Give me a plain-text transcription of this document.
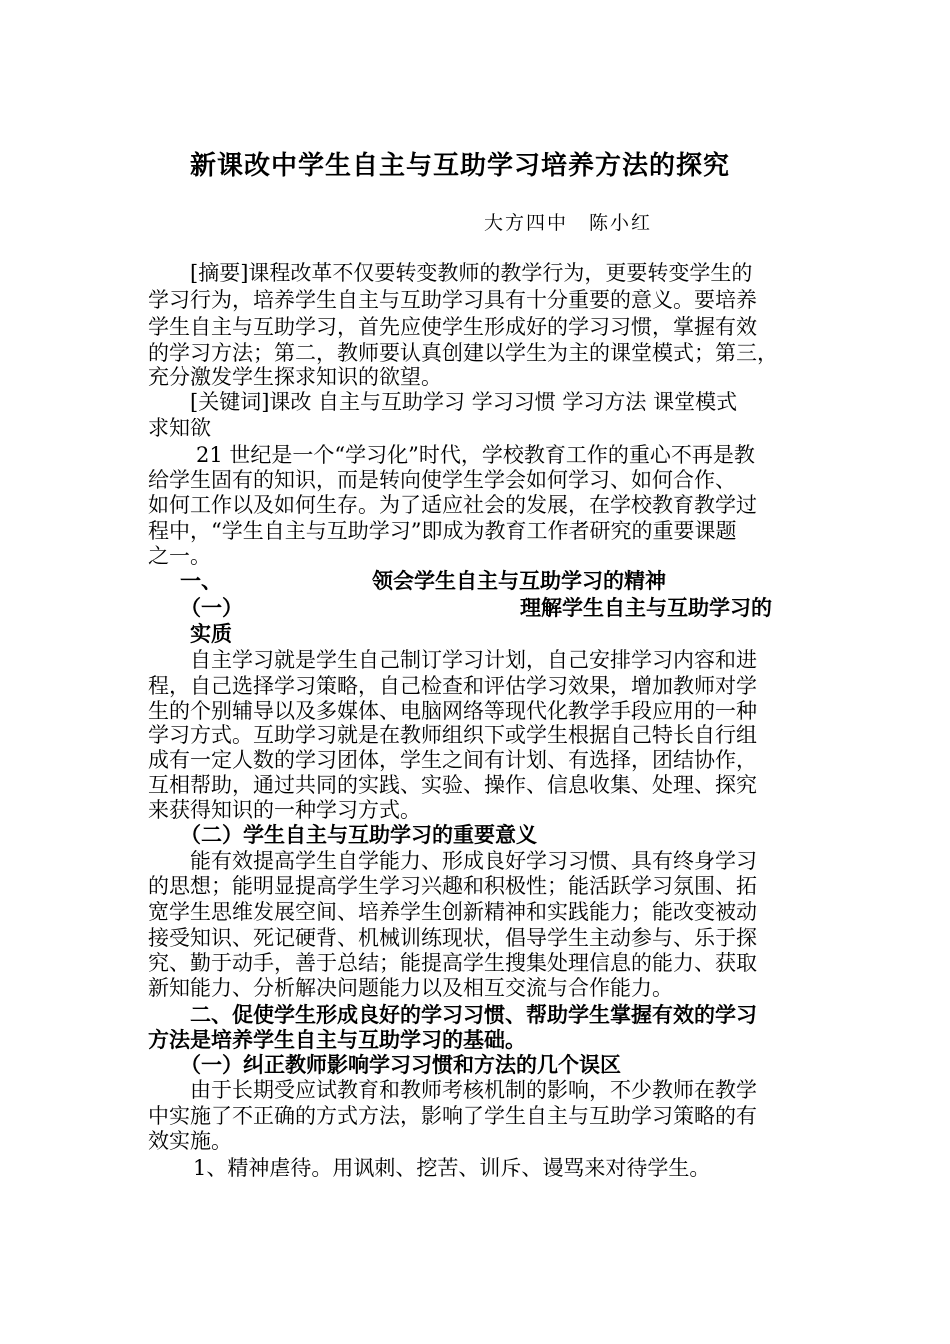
新课改中学生自主与互助学习培养方法的探究
大方四中　陈小红
[摘要]课程改革不仅要转变教师的教学行为，更要转变学生的
学习行为，培养学生自主与互助学习具有十分重要的意义。要培养
学生自主与互助学习，首先应使学生形成好的学习习惯，掌握有效
的学习方法；第二，教师要认真创建以学生为主的课堂模式；第三，
充分激发学生探求知识的欲望。
[关键词]课改 自主与互助学习 学习习惯 学习方法 课堂模式
求知欲
21 世纪是一个“学习化”时代，学校教育工作的重心不再是教
给学生固有的知识，而是转向使学生学会如何学习、如何合作、
如何工作以及如何生存。为了适应社会的发展，在学校教育教学过
程中，“学生自主与互助学习”即成为教育工作者研究的重要课题
之一。
一、	领会学生自主与互助学习的精神
（一）	理解学生自主与互助学习的
实质
自主学习就是学生自己制订学习计划，自己安排学习内容和进
程，自己选择学习策略，自己检查和评估学习效果，增加教师对学
生的个别辅导以及多媒体、电脑网络等现代化教学手段应用的一种
学习方式。互助学习就是在教师组织下或学生根据自己特长自行组
成有一定人数的学习团体，学生之间有计划、有选择，团结协作，
互相帮助，通过共同的实践、实验、操作、信息收集、处理、探究
来获得知识的一种学习方式。
（二）学生自主与互助学习的重要意义
能有效提高学生自学能力、形成良好学习习惯、具有终身学习
的思想；能明显提高学生学习兴趣和积极性；能活跃学习氛围、拓
宽学生思维发展空间、培养学生创新精神和实践能力；能改变被动
接受知识、死记硬背、机械训练现状，倡导学生主动参与、乐于探
究、勤于动手，善于总结；能提高学生搜集处理信息的能力、获取
新知能力、分析解决问题能力以及相互交流与合作能力。
二、促使学生形成良好的学习习惯、帮助学生掌握有效的学习
方法是培养学生自主与互助学习的基础。
（一）纠正教师影响学习习惯和方法的几个误区
由于长期受应试教育和教师考核机制的影响，不少教师在教学
中实施了不正确的方式方法，影响了学生自主与互助学习策略的有
效实施。
1、精神虐待。用讽刺、挖苦、训斥、谩骂来对待学生。
